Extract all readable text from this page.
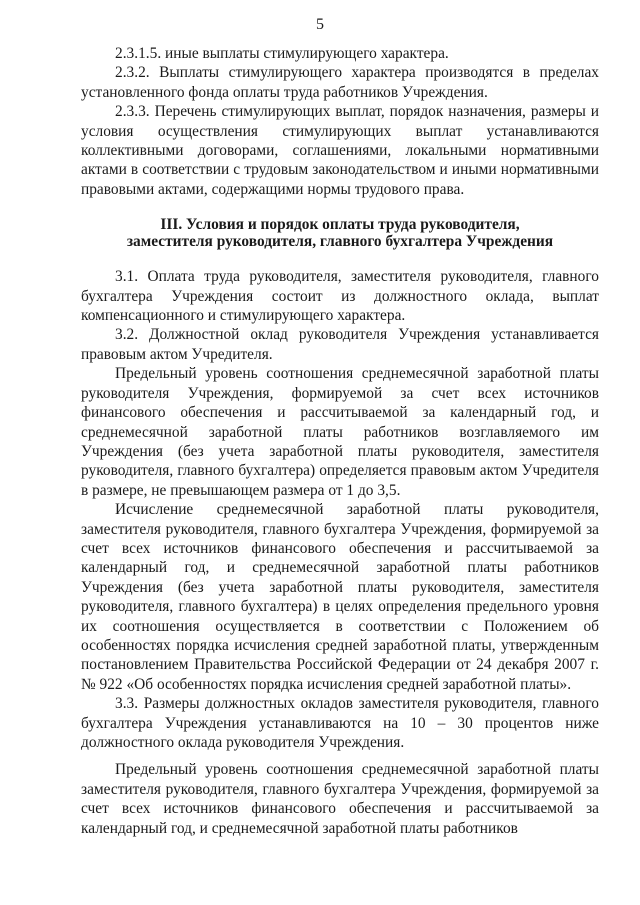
5

2.3.1.5. иные выплаты стимулирующего характера.

2.3.2. Выплаты стимулирующего характера производятся в пределах установленного фонда оплаты труда работников Учреждения.

2.3.3. Перечень стимулирующих выплат, порядок назначения, размеры и условия осуществления стимулирующих выплат устанавливаются коллективными договорами, соглашениями, локальными нормативными актами в соответствии с трудовым законодательством и иными нормативными правовыми актами, содержащими нормы трудового права.

III. Условия и порядок оплаты труда руководителя,
заместителя руководителя, главного бухгалтера Учреждения

3.1. Оплата труда руководителя, заместителя руководителя, главного бухгалтера Учреждения состоит из должностного оклада, выплат компенсационного и стимулирующего характера.

3.2. Должностной оклад руководителя Учреждения устанавливается правовым актом Учредителя.

Предельный уровень соотношения среднемесячной заработной платы руководителя Учреждения, формируемой за счет всех источников финансового обеспечения и рассчитываемой за календарный год, и среднемесячной заработной платы работников возглавляемого им Учреждения (без учета заработной платы руководителя, заместителя руководителя, главного бухгалтера) определяется правовым актом Учредителя в размере, не превышающем размера от 1 до 3,5.

Исчисление среднемесячной заработной платы руководителя, заместителя руководителя, главного бухгалтера Учреждения, формируемой за счет всех источников финансового обеспечения и рассчитываемой за календарный год, и среднемесячной заработной платы работников Учреждения (без учета заработной платы руководителя, заместителя руководителя, главного бухгалтера) в целях определения предельного уровня их соотношения осуществляется в соответствии с Положением об особенностях порядка исчисления средней заработной платы, утвержденным постановлением Правительства Российской Федерации от 24 декабря 2007 г. № 922 «Об особенностях порядка исчисления средней заработной платы».

3.3. Размеры должностных окладов заместителя руководителя, главного бухгалтера Учреждения устанавливаются на 10 – 30 процентов ниже должностного оклада руководителя Учреждения.

Предельный уровень соотношения среднемесячной заработной платы заместителя руководителя, главного бухгалтера Учреждения, формируемой за счет всех источников финансового обеспечения и рассчитываемой за календарный год, и среднемесячной заработной платы работников
